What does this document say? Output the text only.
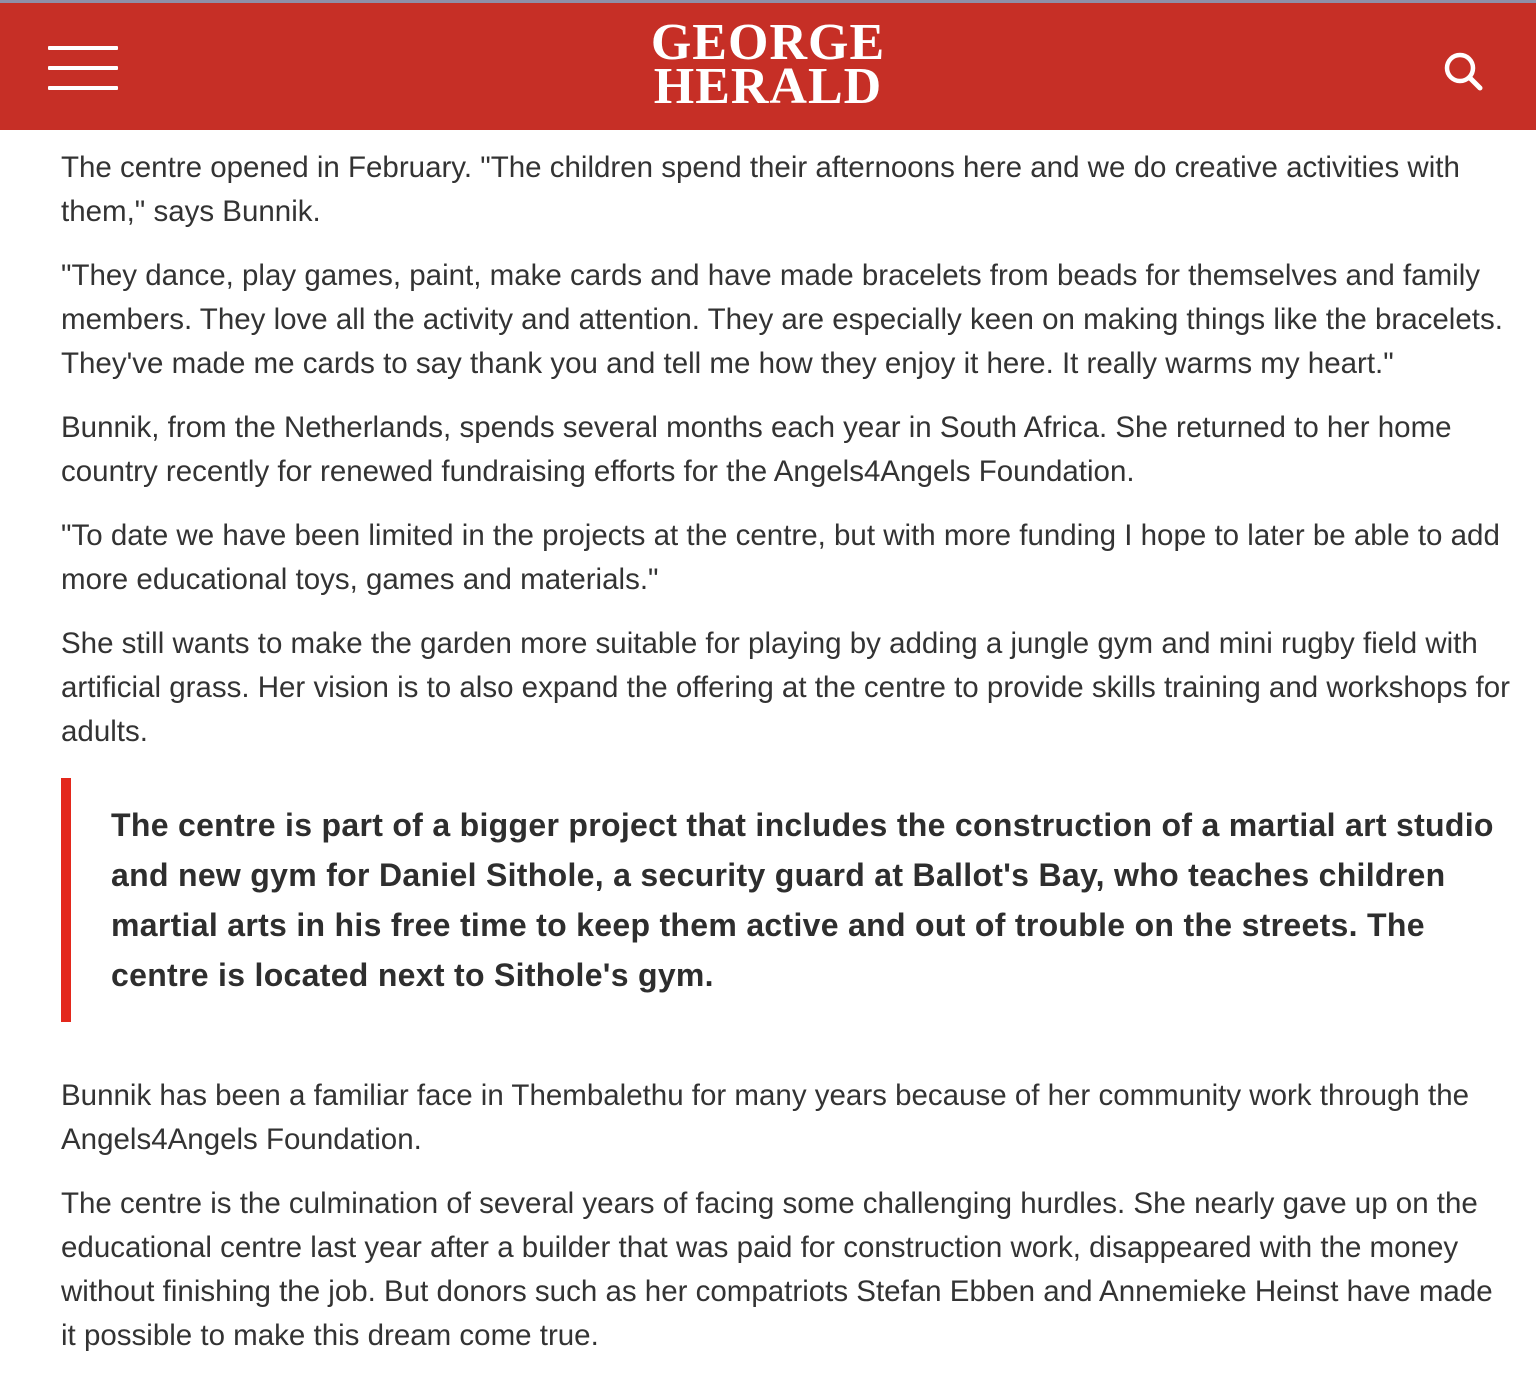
GEORGE
HERALD

The centre opened in February. "The children spend their afternoons here and we do creative activities with them," says Bunnik.

"They dance, play games, paint, make cards and have made bracelets from beads for themselves and family members. They love all the activity and attention. They are especially keen on making things like the bracelets. They've made me cards to say thank you and tell me how they enjoy it here. It really warms my heart."

Bunnik, from the Netherlands, spends several months each year in South Africa. She returned to her home country recently for renewed fundraising efforts for the Angels4Angels Foundation.

"To date we have been limited in the projects at the centre, but with more funding I hope to later be able to add more educational toys, games and materials."

She still wants to make the garden more suitable for playing by adding a jungle gym and mini rugby field with artificial grass. Her vision is to also expand the offering at the centre to provide skills training and workshops for adults.

The centre is part of a bigger project that includes the construction of a martial art studio and new gym for Daniel Sithole, a security guard at Ballot's Bay, who teaches children martial arts in his free time to keep them active and out of trouble on the streets. The centre is located next to Sithole's gym.

Bunnik has been a familiar face in Thembalethu for many years because of her community work through the Angels4Angels Foundation.

The centre is the culmination of several years of facing some challenging hurdles. She nearly gave up on the educational centre last year after a builder that was paid for construction work, disappeared with the money without finishing the job. But donors such as her compatriots Stefan Ebben and Annemieke Heinst have made it possible to make this dream come true.
